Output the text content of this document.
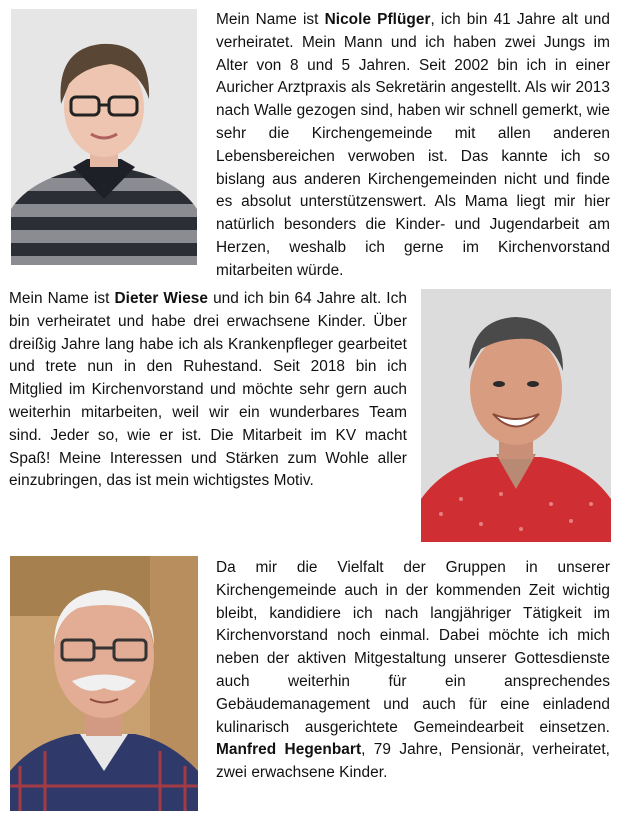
Mein Name ist Nicole Pflüger, ich bin 41 Jahre alt und verheiratet. Mein Mann und ich haben zwei Jungs im Alter von 8 und 5 Jahren. Seit 2002 bin ich in einer Auricher Arztpraxis als Sekretärin angestellt. Als wir 2013 nach Walle gezogen sind, haben wir schnell gemerkt, wie sehr die Kirchengemeinde mit allen anderen Lebensbereichen verwoben ist. Das kannte ich so bislang aus anderen Kirchengemeinden nicht und finde es absolut unterstützenswert. Als Mama liegt mir hier natürlich besonders die Kinder- und Jugendarbeit am Herzen, weshalb ich gerne im Kirchenvorstand mitarbeiten würde.
Mein Name ist Dieter Wiese und ich bin 64 Jahre alt. Ich bin verheiratet und habe drei erwachsene Kinder. Über dreißig Jahre lang habe ich als Krankenpfleger gearbeitet und trete nun in den Ruhestand. Seit 2018 bin ich Mitglied im Kirchenvorstand und möchte sehr gern auch weiterhin mitarbeiten, weil wir ein wunderbares Team sind. Jeder so, wie er ist. Die Mitarbeit im KV macht Spaß! Meine Interessen und Stärken zum Wohle aller einzubringen, das ist mein wichtigstes Motiv.
Da mir die Vielfalt der Gruppen in unserer Kirchengemeinde auch in der kommenden Zeit wichtig bleibt, kandidiere ich nach langjähriger Tätigkeit im Kirchenvorstand noch einmal. Dabei möchte ich mich neben der aktiven Mitgestaltung unserer Gottesdienste auch weiterhin für ein ansprechendes Gebäudemanagement und auch für eine einladend kulinarisch ausgerichtete Gemeindearbeit einsetzen. Manfred Hegenbart, 79 Jahre, Pensionär, verheiratet, zwei erwachsene Kinder.
